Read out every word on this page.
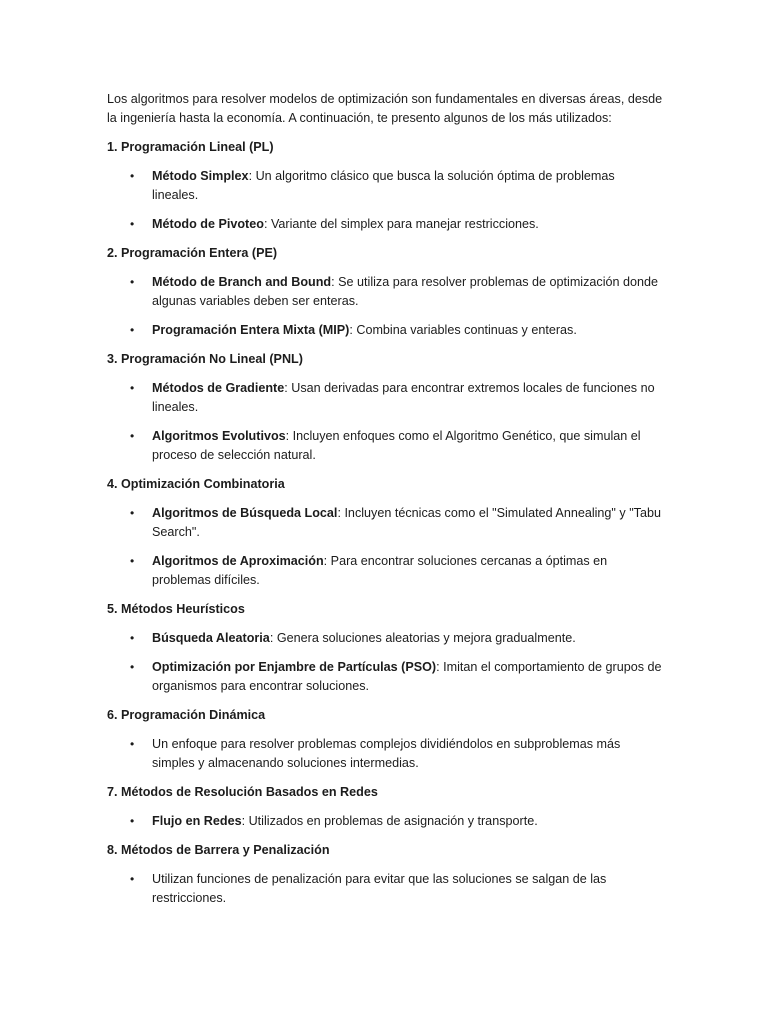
Los algoritmos para resolver modelos de optimización son fundamentales en diversas áreas, desde la ingeniería hasta la economía. A continuación, te presento algunos de los más utilizados:

1. Programación Lineal (PL)
• Método Simplex: Un algoritmo clásico que busca la solución óptima de problemas lineales.
• Método de Pivoteo: Variante del simplex para manejar restricciones.
2. Programación Entera (PE)
• Método de Branch and Bound: Se utiliza para resolver problemas de optimización donde algunas variables deben ser enteras.
• Programación Entera Mixta (MIP): Combina variables continuas y enteras.
3. Programación No Lineal (PNL)
• Métodos de Gradiente: Usan derivadas para encontrar extremos locales de funciones no lineales.
• Algoritmos Evolutivos: Incluyen enfoques como el Algoritmo Genético, que simulan el proceso de selección natural.
4. Optimización Combinatoria
• Algoritmos de Búsqueda Local: Incluyen técnicas como el "Simulated Annealing" y "Tabu Search".
• Algoritmos de Aproximación: Para encontrar soluciones cercanas a óptimas en problemas difíciles.
5. Métodos Heurísticos
• Búsqueda Aleatoria: Genera soluciones aleatorias y mejora gradualmente.
• Optimización por Enjambre de Partículas (PSO): Imitan el comportamiento de grupos de organismos para encontrar soluciones.
6. Programación Dinámica
• Un enfoque para resolver problemas complejos dividiéndolos en subproblemas más simples y almacenando soluciones intermedias.
7. Métodos de Resolución Basados en Redes
• Flujo en Redes: Utilizados en problemas de asignación y transporte.
8. Métodos de Barrera y Penalización
• Utilizan funciones de penalización para evitar que las soluciones se salgan de las restricciones.
